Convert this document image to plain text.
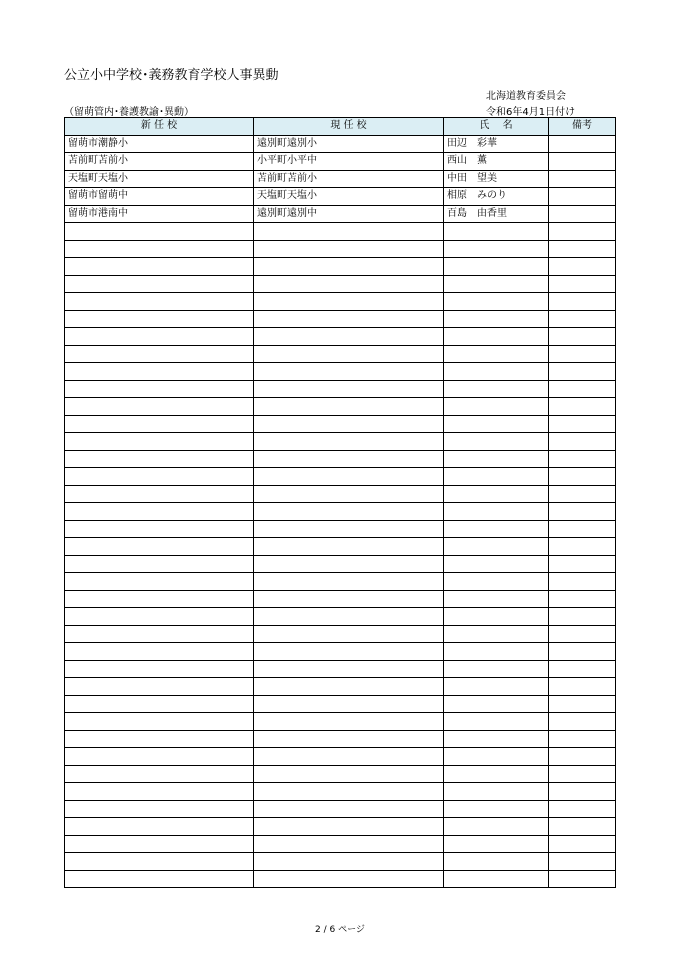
公立小中学校･義務教育学校人事異動
北海道教育委員会
（留萌管内･養護教諭･異動）	令和6年4月1日付け
新 任 校	現 任 校	氏　 名	備考
留萌市潮静小	遠別町遠別小	田辺　彩華	
苫前町苫前小	小平町小平中	西山　薫	
天塩町天塩小	苫前町苫前小	中田　望美	
留萌市留萌中	天塩町天塩小	相原　みのり	
留萌市港南中	遠別町遠別中	百島　由香里	

2 / 6 ページ
